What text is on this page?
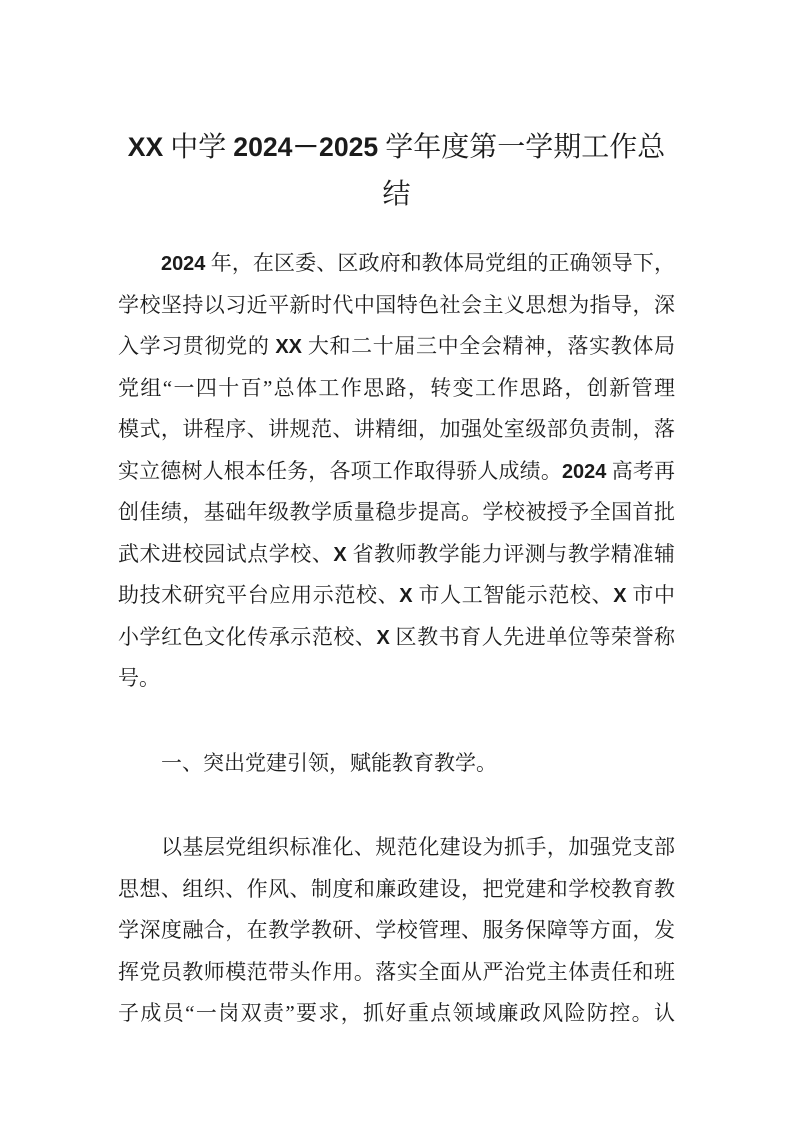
XX 中学 2024－2025 学年度第一学期工作总
结
2024 年，在区委、区政府和教体局党组的正确领导下，
学校坚持以习近平新时代中国特色社会主义思想为指导，深
入学习贯彻党的 XX 大和二十届三中全会精神，落实教体局
党组“一四十百”总体工作思路，转变工作思路，创新管理
模式，讲程序、讲规范、讲精细，加强处室级部负责制，落
实立德树人根本任务，各项工作取得骄人成绩。2024 高考再
创佳绩，基础年级教学质量稳步提高。学校被授予全国首批
武术进校园试点学校、X 省教师教学能力评测与教学精准辅
助技术研究平台应用示范校、X 市人工智能示范校、X 市中
小学红色文化传承示范校、X 区教书育人先进单位等荣誉称
号。
一、突出党建引领，赋能教育教学。
以基层党组织标准化、规范化建设为抓手，加强党支部
思想、组织、作风、制度和廉政建设，把党建和学校教育教
学深度融合，在教学教研、学校管理、服务保障等方面，发
挥党员教师模范带头作用。落实全面从严治党主体责任和班
子成员“一岗双责”要求，抓好重点领域廉政风险防控。认
